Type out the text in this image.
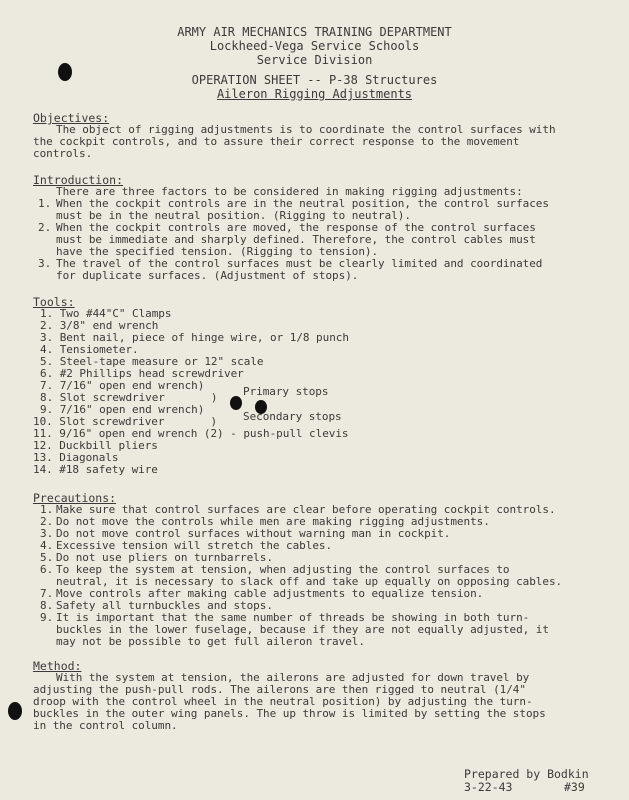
ARMY AIR MECHANICS TRAINING DEPARTMENT
Lockheed-Vega Service Schools
Service Division
OPERATION SHEET -- P-38 Structures
Aileron Rigging Adjustments
Objectives:
The object of rigging adjustments is to coordinate the control surfaces with
the cockpit controls, and to assure their correct response to the movement
controls.
Introduction:
There are three factors to be considered in making rigging adjustments:
1. When the cockpit controls are in the neutral position, the control surfaces
must be in the neutral position. (Rigging to neutral).
2. When the cockpit controls are moved, the response of the control surfaces
must be immediate and sharply defined. Therefore, the control cables must
have the specified tension. (Rigging to tension).
3. The travel of the control surfaces must be clearly limited and coordinated
for duplicate surfaces. (Adjustment of stops).
Tools:
1. Two #44"C" Clamps
2. 3/8" end wrench
3. Bent nail, piece of hinge wire, or 1/8 punch
4. Tensiometer.
5. Steel-tape measure or 12" scale
6. #2 Phillips head screwdriver
7. 7/16" open end wrench)
8. Slot screwdriver       )
9. 7/16" open end wrench)
10. Slot screwdriver       )
11. 9/16" open end wrench (2) - push-pull clevis
12. Duckbill pliers
13. Diagonals
14. #18 safety wire
Primary stops
Secondary stops
Precautions:
1. Make sure that control surfaces are clear before operating cockpit controls.
2. Do not move the controls while men are making rigging adjustments.
3. Do not move control surfaces without warning man in cockpit.
4. Excessive tension will stretch the cables.
5. Do not use pliers on turnbarrels.
6. To keep the system at tension, when adjusting the control surfaces to
neutral, it is necessary to slack off and take up equally on opposing cables.
7. Move controls after making cable adjustments to equalize tension.
8. Safety all turnbuckles and stops.
9. It is important that the same number of threads be showing in both turn-
buckles in the lower fuselage, because if they are not equally adjusted, it
may not be possible to get full aileron travel.
Method:
With the system at tension, the ailerons are adjusted for down travel by
adjusting the push-pull rods. The ailerons are then rigged to neutral (1/4"
droop with the control wheel in the neutral position) by adjusting the turn-
buckles in the outer wing panels. The up throw is limited by setting the stops
in the control column.
Prepared by Bodkin
3-22-43	#39
